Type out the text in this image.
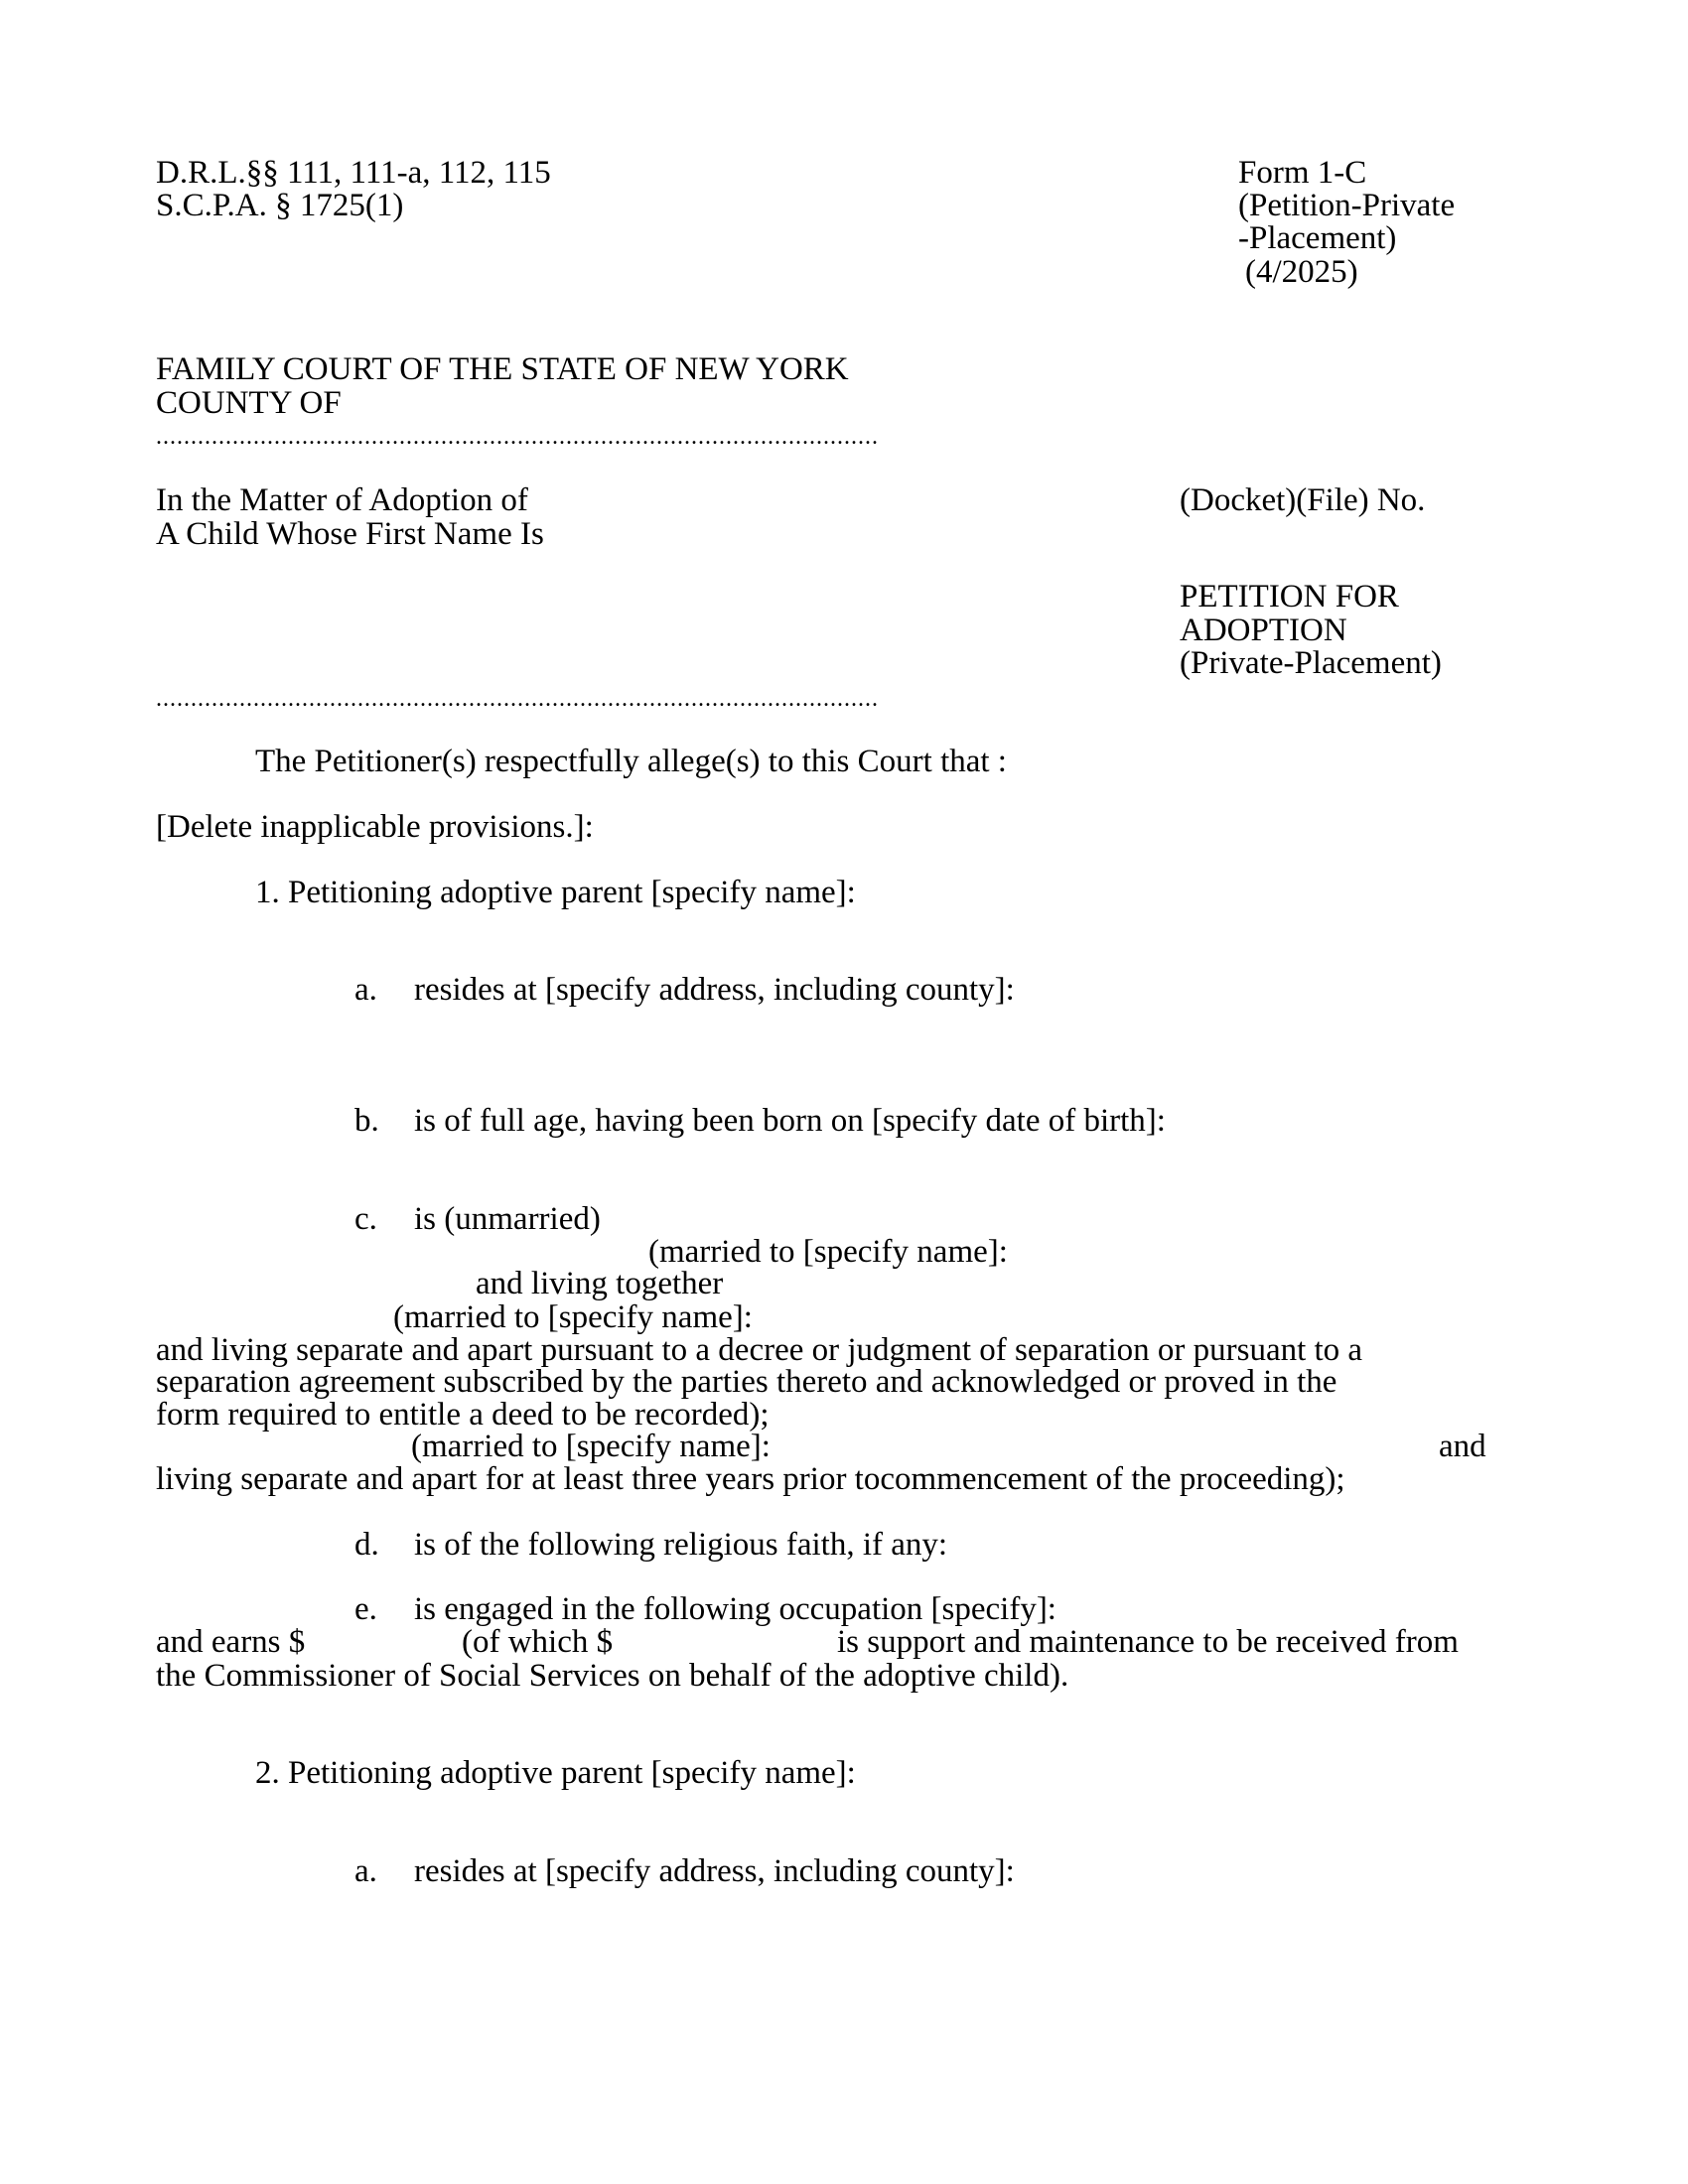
D.R.L.§§ 111, 111-a, 112, 115
S.C.P.A. § 1725(1)
Form 1-C
(Petition-Private
-Placement)
(4/2025)
FAMILY COURT OF THE STATE OF NEW YORK
COUNTY OF
........................................................................................................
In the Matter of Adoption of
A Child Whose First Name Is
(Docket)(File) No.
PETITION FOR
ADOPTION
(Private-Placement)
........................................................................................................
The Petitioner(s) respectfully allege(s) to this Court that :
[Delete inapplicable provisions.]:
1. Petitioning adoptive parent [specify name]:
a. resides at [specify address, including county]:
b. is of full age, having been born on [specify date of birth]:
c. is (unmarried)
(married to [specify name]:
and living together
(married to [specify name]:
and living separate and apart pursuant to a decree or judgment of separation or pursuant to a
separation agreement subscribed by the parties thereto and acknowledged or proved in the
form required to entitle a deed to be recorded);
(married to [specify name]:	and
living separate and apart for at least three years prior tocommencement of the proceeding);
d. is of the following religious faith, if any:
e. is engaged in the following occupation [specify]:
and earns $	(of which $	is support and maintenance to be received from
the Commissioner of Social Services on behalf of the adoptive child).
2. Petitioning adoptive parent [specify name]:
a. resides at [specify address, including county]:
